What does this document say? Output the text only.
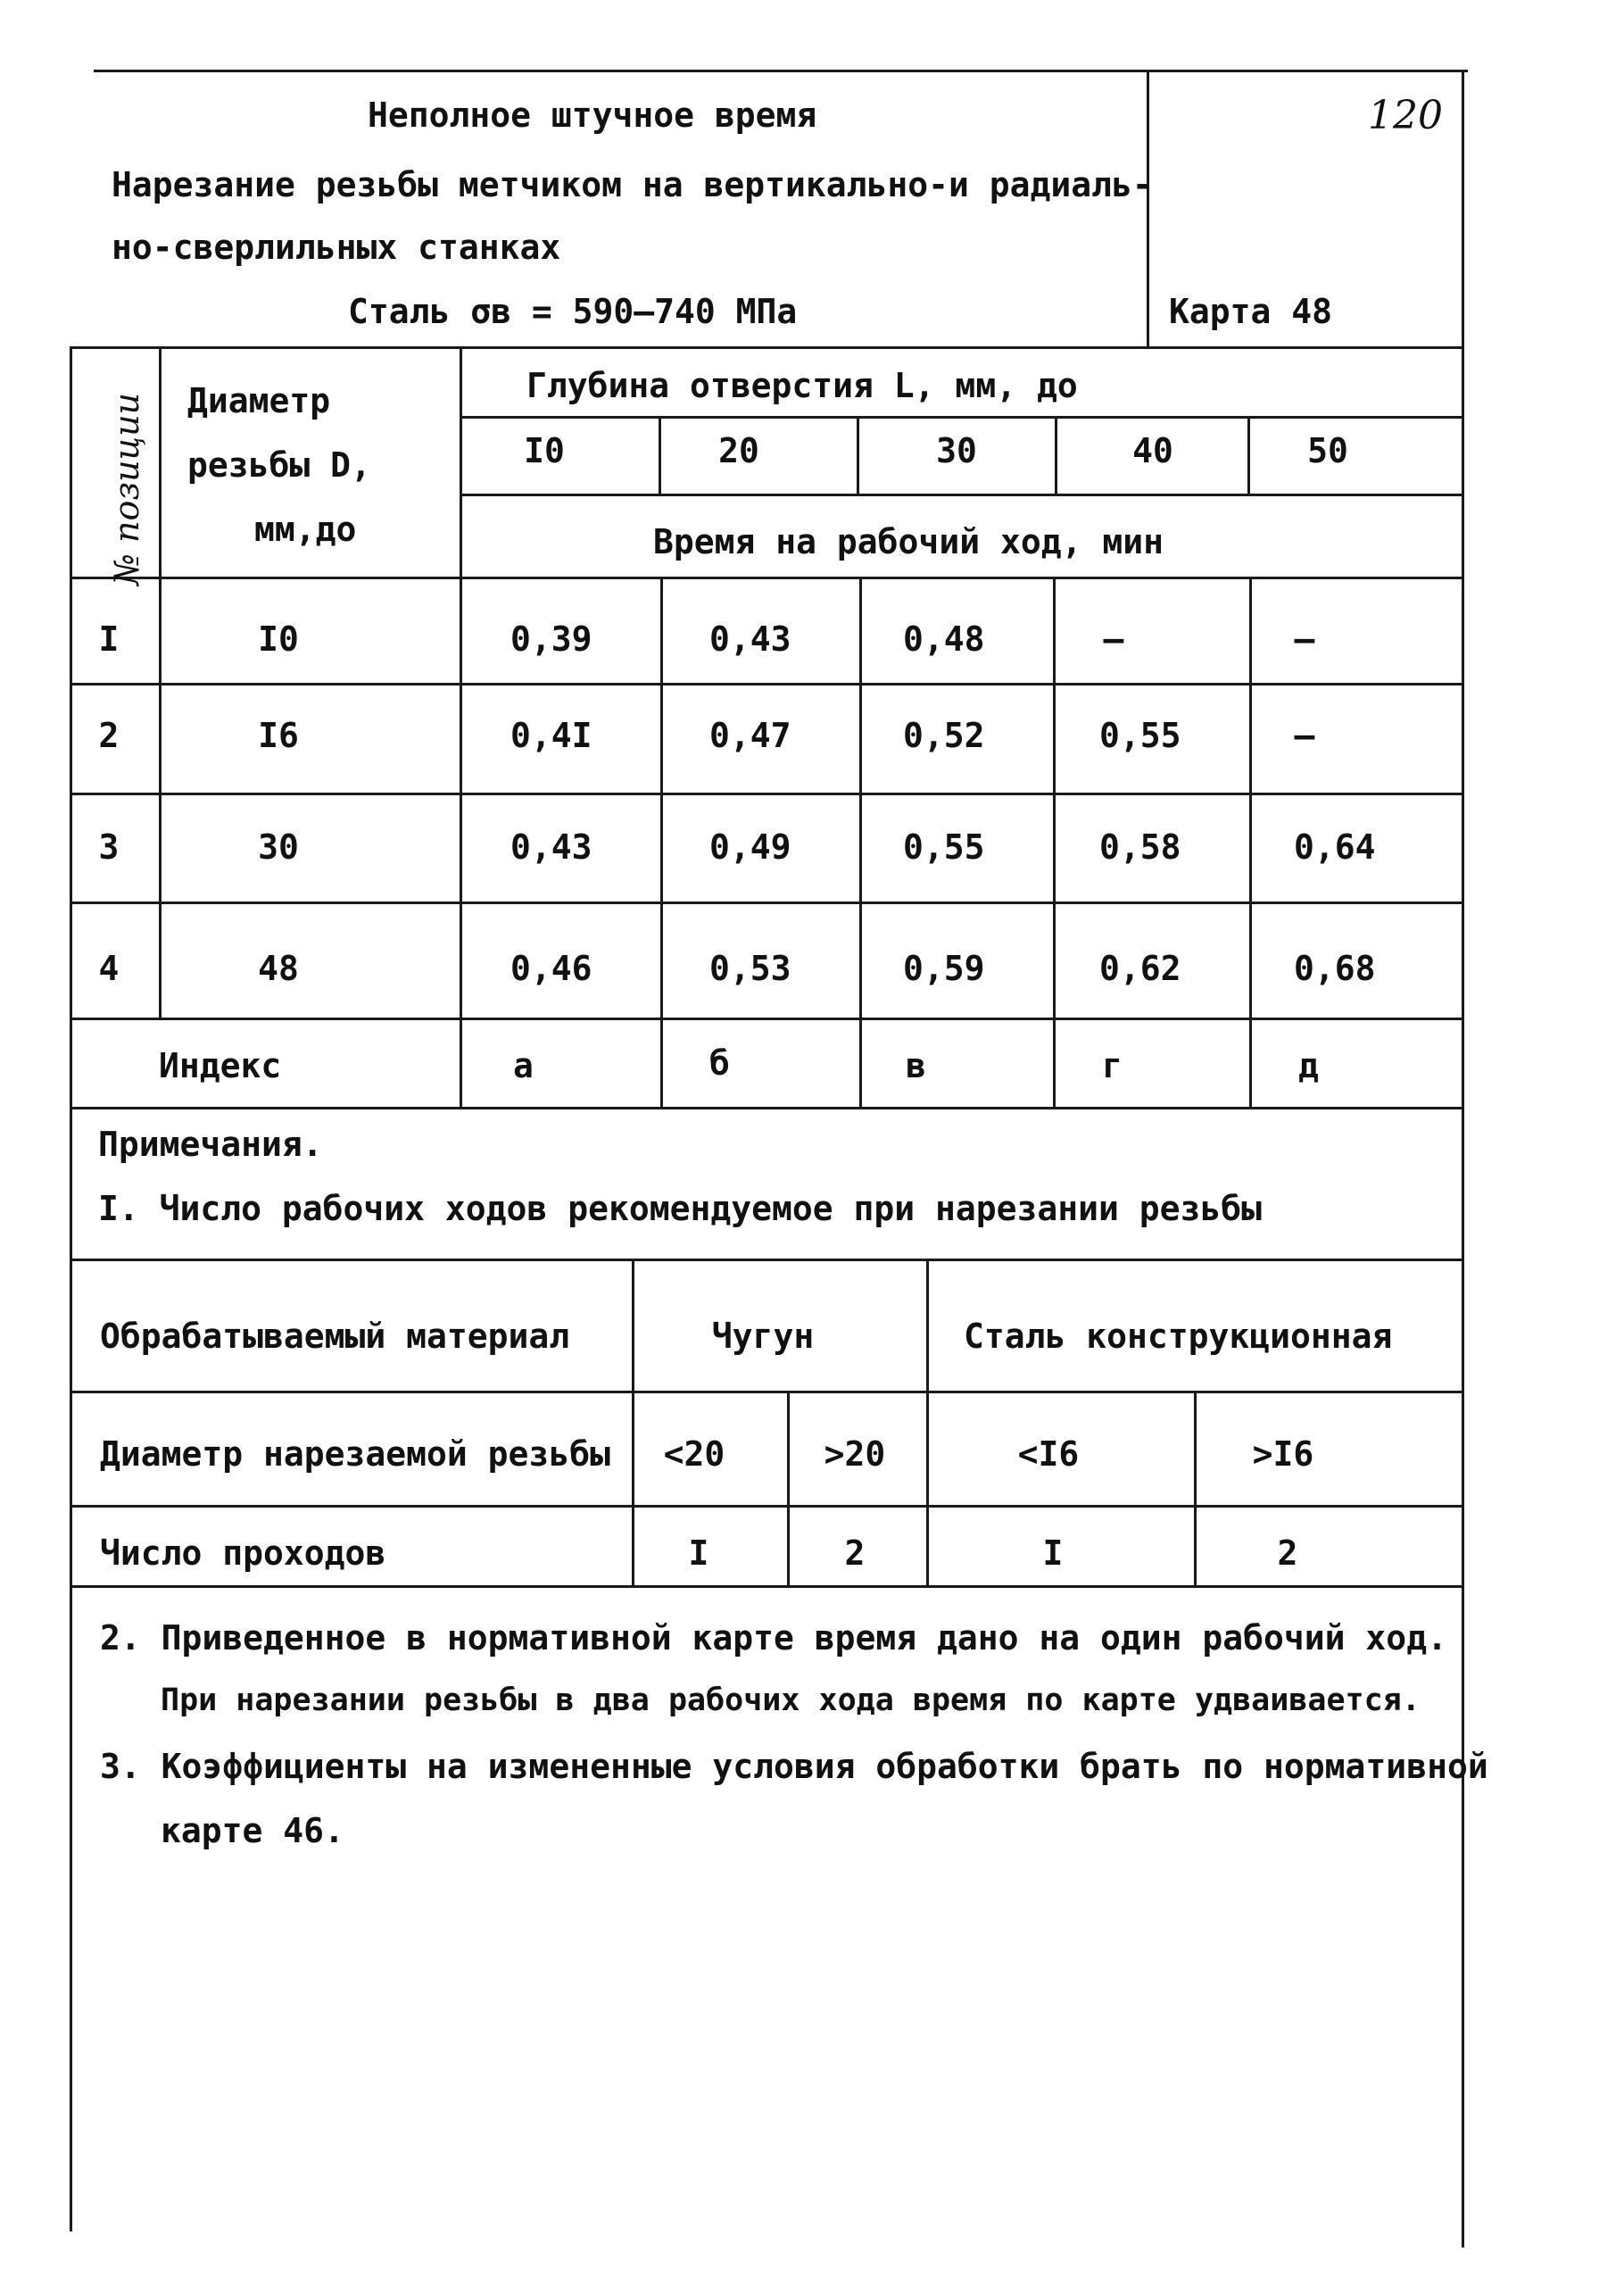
Неполное штучное время
Нарезание резьбы метчиком на вертикально-и радиаль-
но-сверлильных станках
Сталь σв = 590–740 МПа
120
Карта 48
№ позиции Диаметр
резьбы D,
мм,до
Глубина отверстия L, мм, до
I0	20	30	40	50
Время на рабочий ход, мин
I	I0	0,39	0,43	0,48	–	–
2	I6	0,4I	0,47	0,52	0,55	–
3	30	0,43	0,49	0,55	0,58	0,64
4	48	0,46	0,53	0,59	0,62	0,68
Индекс	а	б	в	г	д
Примечания.
I. Число рабочих ходов рекомендуемое при нарезании резьбы
Обрабатываемый материал	Чугун	Сталь конструкционная
Диаметр нарезаемой резьбы <20	>20	<I6	>I6
Число проходов	I	2	I	2
2. Приведенное в нормативной карте время дано на один рабочий ход.
При нарезании резьбы в два рабочих хода время по карте удваивается.
3. Коэффициенты на измененные условия обработки брать по нормативной
карте 46.
